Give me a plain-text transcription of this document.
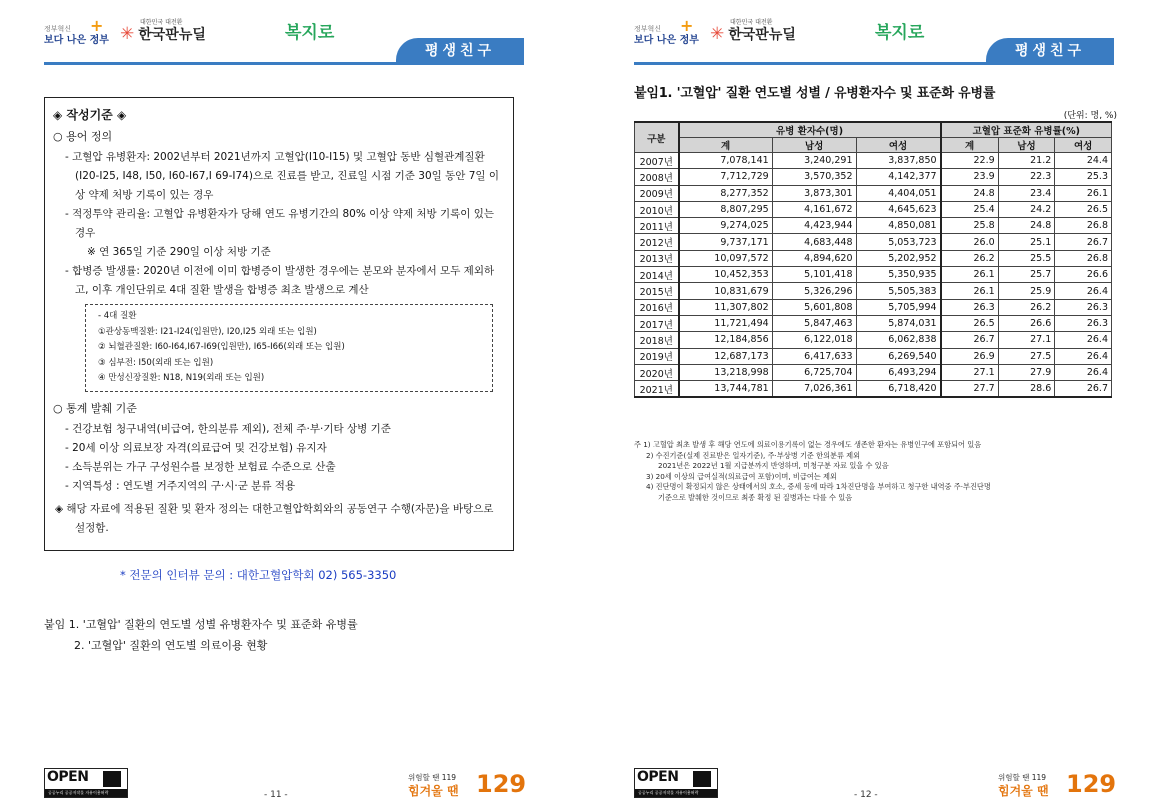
정부혁신
보다 나은 정부
+	대한민국 대전환
✳ 한국판뉴딜	복지로
평생친구
◈ 작성기준 ◈
○ 용어 정의
- 고혈압 유병환자: 2002년부터 2021년까지 고혈압(I10-I15) 및 고혈압 동반 심혈관계질환(I20-I25, I48, I50, I60-I67,I 69-I74)으로 진료를 받고, 진료일 시점 기준 30일 동안 7일 이상 약제 처방 기록이 있는 경우
- 적정투약 관리율: 고혈압 유병환자가 당해 연도 유병기간의 80% 이상 약제 처방 기록이 있는 경우
※ 연 365일 기준 290일 이상 처방 기준
- 합병증 발생률: 2020년 이전에 이미 합병증이 발생한 경우에는 분모와 분자에서 모두 제외하고, 이후 개인단위로 4대 질환 발생을 합병증 최초 발생으로 계산
- 4대 질환
①관상동맥질환: I21-I24(입원만), I20,I25 외래 또는 입원)
② 뇌혈관질환: I60-I64,I67-I69(입원만), I65-I66(외래 또는 입원)
③ 심부전: I50(외래 또는 입원)
④ 만성신장질환: N18, N19(외래 또는 입원)
○ 통계 발췌 기준
- 건강보험 청구내역(비급여, 한의분류 제외), 전체 주·부·기타 상병 기준
- 20세 이상 의료보장 자격(의료급여 및 건강보험) 유지자
- 소득분위는 가구 구성원수를 보정한 보험료 수준으로 산출
- 지역특성 : 연도별 거주지역의 구·시·군 분류 적용
◈ 해당 자료에 적용된 질환 및 환자 정의는 대한고혈압학회와의 공동연구 수행(자문)을 바탕으로 설정함.
* 전문의 인터뷰 문의 : 대한고혈압학회 02) 565-3350
붙임 1. '고혈압' 질환의 연도별 성별 유병환자수 및 표준화 유병률
2. '고혈압' 질환의 연도별 의료이용 현황
OPEN
공공누리 공공저작물 자유이용허락
위험할 땐 119
힘겨울 땐 129
- 11 -
정부혁신
보다 나은 정부
+	대한민국 대전환
✳ 한국판뉴딜	복지로
평생친구
붙임1. '고혈압' 질환 연도별 성별 / 유병환자수 및 표준화 유병률
(단위: 명, %)
구분	유병 환자수(명)			고혈압 표준화 유병률(%)		
	계	남성	여성	계	남성	여성
2007년	7,078,141	3,240,291	3,837,850	22.9	21.2	24.4
2008년	7,712,729	3,570,352	4,142,377	23.9	22.3	25.3
2009년	8,277,352	3,873,301	4,404,051	24.8	23.4	26.1
2010년	8,807,295	4,161,672	4,645,623	25.4	24.2	26.5
2011년	9,274,025	4,423,944	4,850,081	25.8	24.8	26.8
2012년	9,737,171	4,683,448	5,053,723	26.0	25.1	26.7
2013년	10,097,572	4,894,620	5,202,952	26.2	25.5	26.8
2014년	10,452,353	5,101,418	5,350,935	26.1	25.7	26.6
2015년	10,831,679	5,326,296	5,505,383	26.1	25.9	26.4
2016년	11,307,802	5,601,808	5,705,994	26.3	26.2	26.3
2017년	11,721,494	5,847,463	5,874,031	26.5	26.6	26.3
2018년	12,184,856	6,122,018	6,062,838	26.7	27.1	26.4
2019년	12,687,173	6,417,633	6,269,540	26.9	27.5	26.4
2020년	13,218,998	6,725,704	6,493,294	27.1	27.9	26.4
2021년	13,744,781	7,026,361	6,718,420	27.7	28.6	26.7
주 1) 고혈압 최초 발생 후 해당 연도에 의료이용기록이 없는 경우에도 생존한 환자는 유병인구에 포함되어 있음
2) 수진기준(실제 진료받은 일자기준), 주·부상병 기준 한의분류 제외
2021년은 2022년 1월 지급분까지 반영하며, 미청구분 자료 있을 수 있음
3) 20세 이상의 급여실적(의료급여 포함)이며, 비급여는 제외
4) 진단명이 확정되지 않은 상태에서의 호소, 증세 등에 따라 1차진단명을 부여하고 청구한 내역중 주·부진단명
기준으로 발췌한 것이므로 최종 확정 된 질병과는 다를 수 있음
OPEN
공공누리 공공저작물 자유이용허락
위험할 땐 119
힘겨울 땐 129
- 12 -
